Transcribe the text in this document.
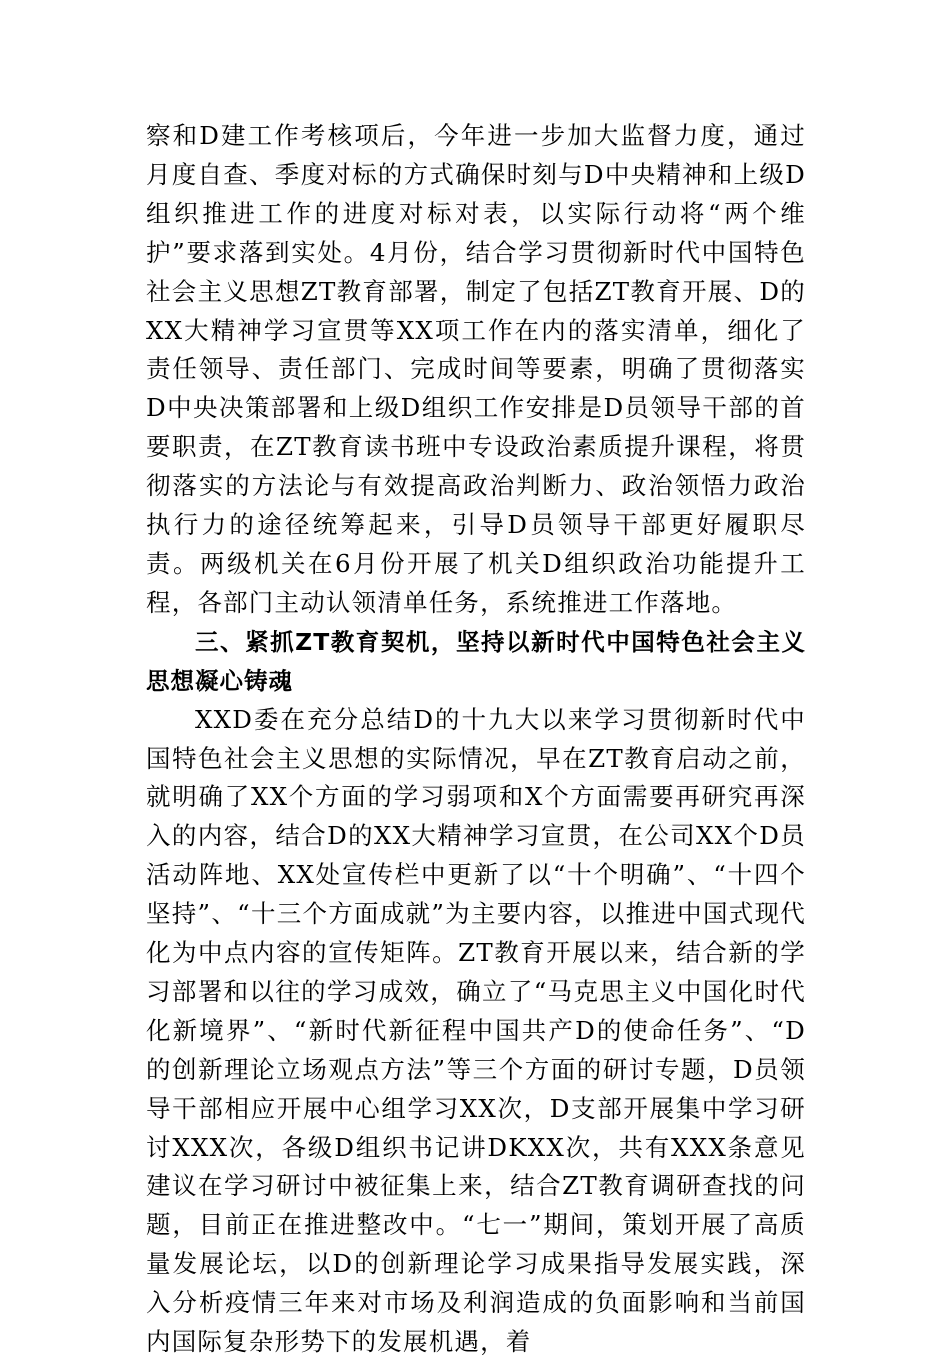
察和D建工作考核项后，今年进一步加大监督力度，通过月度自查、季度对标的方式确保时刻与D中央精神和上级D组织推进工作的进度对标对表，以实际行动将“两个维护”要求落到实处。4月份，结合学习贯彻新时代中国特色社会主义思想ZT教育部署，制定了包括ZT教育开展、D的XX大精神学习宣贯等XX项工作在内的落实清单，细化了责任领导、责任部门、完成时间等要素，明确了贯彻落实D中央决策部署和上级D组织工作安排是D员领导干部的首要职责，在ZT教育读书班中专设政治素质提升课程，将贯彻落实的方法论与有效提高政治判断力、政治领悟力政治执行力的途径统筹起来，引导D员领导干部更好履职尽责。两级机关在6月份开展了机关D组织政治功能提升工程，各部门主动认领清单任务，系统推进工作落地。

三、紧抓ZT教育契机，坚持以新时代中国特色社会主义思想凝心铸魂

XXD委在充分总结D的十九大以来学习贯彻新时代中国特色社会主义思想的实际情况，早在ZT教育启动之前，就明确了XX个方面的学习弱项和X个方面需要再研究再深入的内容，结合D的XX大精神学习宣贯，在公司XX个D员活动阵地、XX处宣传栏中更新了以“十个明确”、“十四个坚持”、“十三个方面成就”为主要内容，以推进中国式现代化为中点内容的宣传矩阵。ZT教育开展以来，结合新的学习部署和以往的学习成效，确立了“马克思主义中国化时代化新境界”、“新时代新征程中国共产D的使命任务”、“D的创新理论立场观点方法”等三个方面的研讨专题，D员领导干部相应开展中心组学习XX次，D支部开展集中学习研讨XXX次，各级D组织书记讲DKXX次，共有XXX条意见建议在学习研讨中被征集上来，结合ZT教育调研查找的问题，目前正在推进整改中。“七一”期间，策划开展了高质量发展论坛，以D的创新理论学习成果指导发展实践，深入分析疫情三年来对市场及利润造成的负面影响和当前国内国际复杂形势下的发展机遇，着
